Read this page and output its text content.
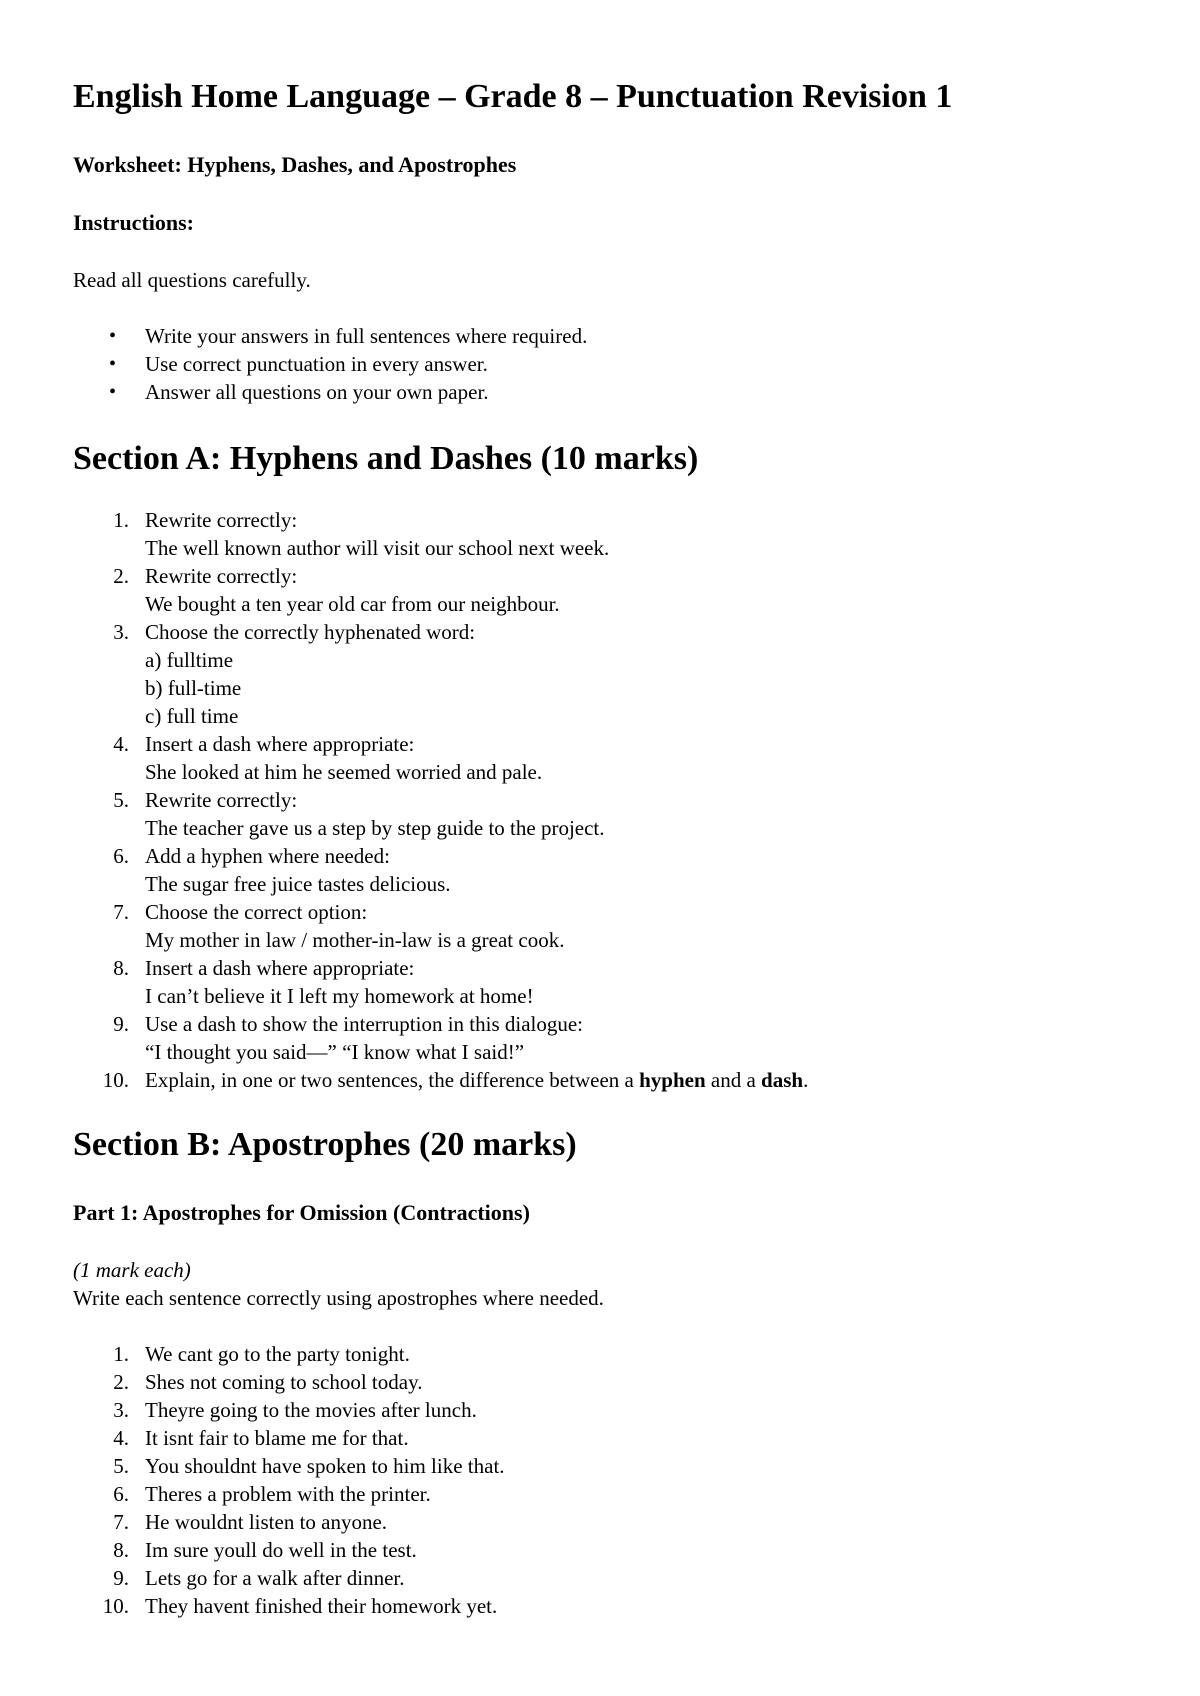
English Home Language – Grade 8 – Punctuation Revision 1
Worksheet: Hyphens, Dashes, and Apostrophes
Instructions:

Read all questions carefully.

• Write your answers in full sentences where required.
• Use correct punctuation in every answer.
• Answer all questions on your own paper.
Section A: Hyphens and Dashes (10 marks)
1. Rewrite correctly:
The well known author will visit our school next week.
2. Rewrite correctly:
We bought a ten year old car from our neighbour.
3. Choose the correctly hyphenated word:
a) fulltime
b) full-time
c) full time
4. Insert a dash where appropriate:
She looked at him he seemed worried and pale.
5. Rewrite correctly:
The teacher gave us a step by step guide to the project.
6. Add a hyphen where needed:
The sugar free juice tastes delicious.
7. Choose the correct option:
My mother in law / mother-in-law is a great cook.
8. Insert a dash where appropriate:
I can’t believe it I left my homework at home!
9. Use a dash to show the interruption in this dialogue:
“I thought you said—” “I know what I said!”
10. Explain, in one or two sentences, the difference between a hyphen and a dash.
Section B: Apostrophes (20 marks)
Part 1: Apostrophes for Omission (Contractions)

(1 mark each)

Write each sentence correctly using apostrophes where needed.

1. We cant go to the party tonight.
2. Shes not coming to school today.
3. Theyre going to the movies after lunch.
4. It isnt fair to blame me for that.
5. You shouldnt have spoken to him like that.
6. Theres a problem with the printer.
7. He wouldnt listen to anyone.
8. Im sure youll do well in the test.
9. Lets go for a walk after dinner.
10. They havent finished their homework yet.
